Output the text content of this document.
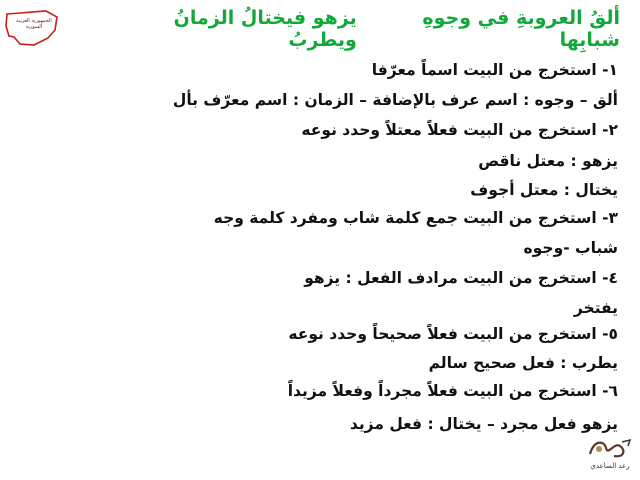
ألقُ العروبةِ في وجوهِ شبابِها
يزهو فيختالُ الزمانُ ويطربُ
الجمهورية العربية السورية
١- استخرج من البيت اسماً معرّفا
ألق – وجوه : اسم عرف بالإضافة – الزمان : اسم معرّف بأل
٢- استخرج من البيت فعلاً معتلاً وحدد نوعه
يزهو : معتل ناقص
يختال : معتل أجوف
٣- استخرج من البيت جمع كلمة شاب ومفرد كلمة وجه
شباب -وجوه
٤- استخرج من البيت مرادف الفعل : يزهو
يفتخر
٥- استخرج من البيت فعلاً صحيحاً وحدد نوعه
يطرب : فعل صحيح سالم
٦- استخرج من البيت فعلاً مجرداً وفعلاً مزيداً
يزهو فعل مجرد – يختال : فعل مزيد
رعد الساعدي
